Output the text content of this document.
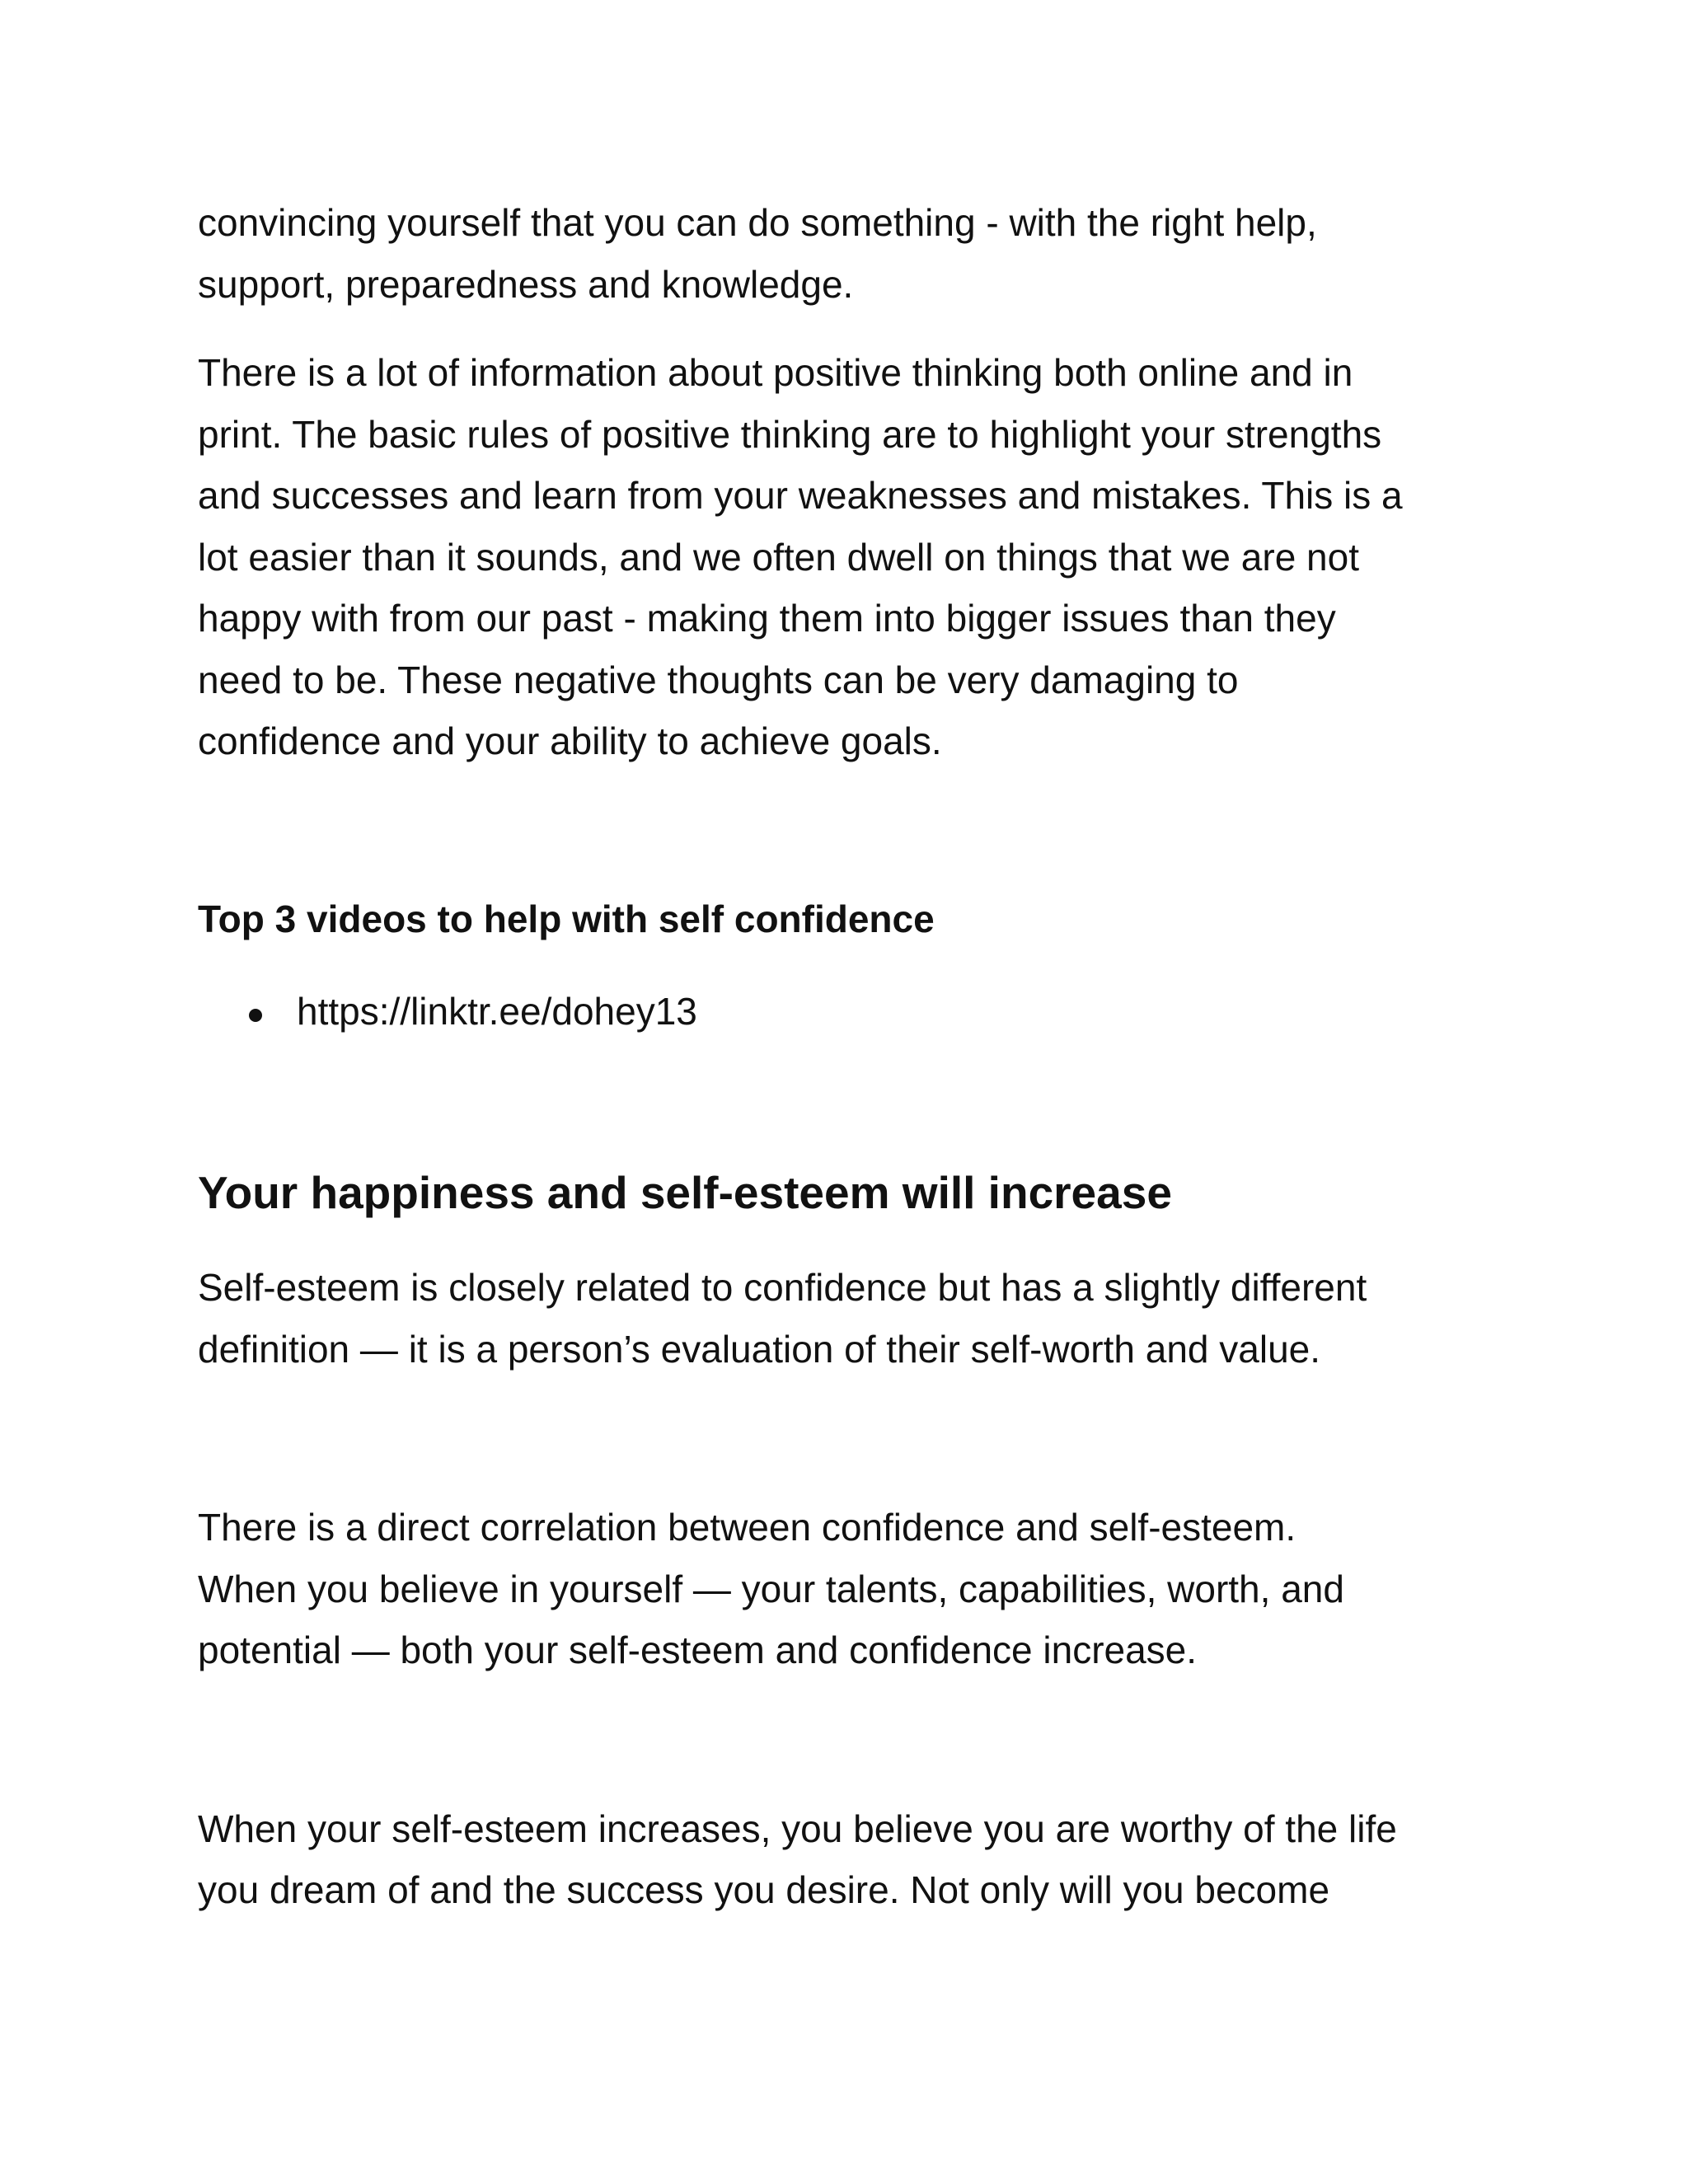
convincing yourself that you can do something - with the right help,

support, preparedness and knowledge.

There is a lot of information about positive thinking both online and in

print. The basic rules of positive thinking are to highlight your strengths

and successes and learn from your weaknesses and mistakes. This is a

lot easier than it sounds, and we often dwell on things that we are not

happy with from our past - making them into bigger issues than they

need to be. These negative thoughts can be very damaging to

confidence and your ability to achieve goals.

Top 3 videos to help with self confidence

https://linktr.ee/dohey13

Your happiness and self-esteem will increase

Self-esteem is closely related to confidence but has a slightly different

definition — it is a person’s evaluation of their self-worth and value.

There is a direct correlation between confidence and self-esteem.

When you believe in yourself — your talents, capabilities, worth, and

potential — both your self-esteem and confidence increase.

When your self-esteem increases, you believe you are worthy of the life

you dream of and the success you desire. Not only will you become
